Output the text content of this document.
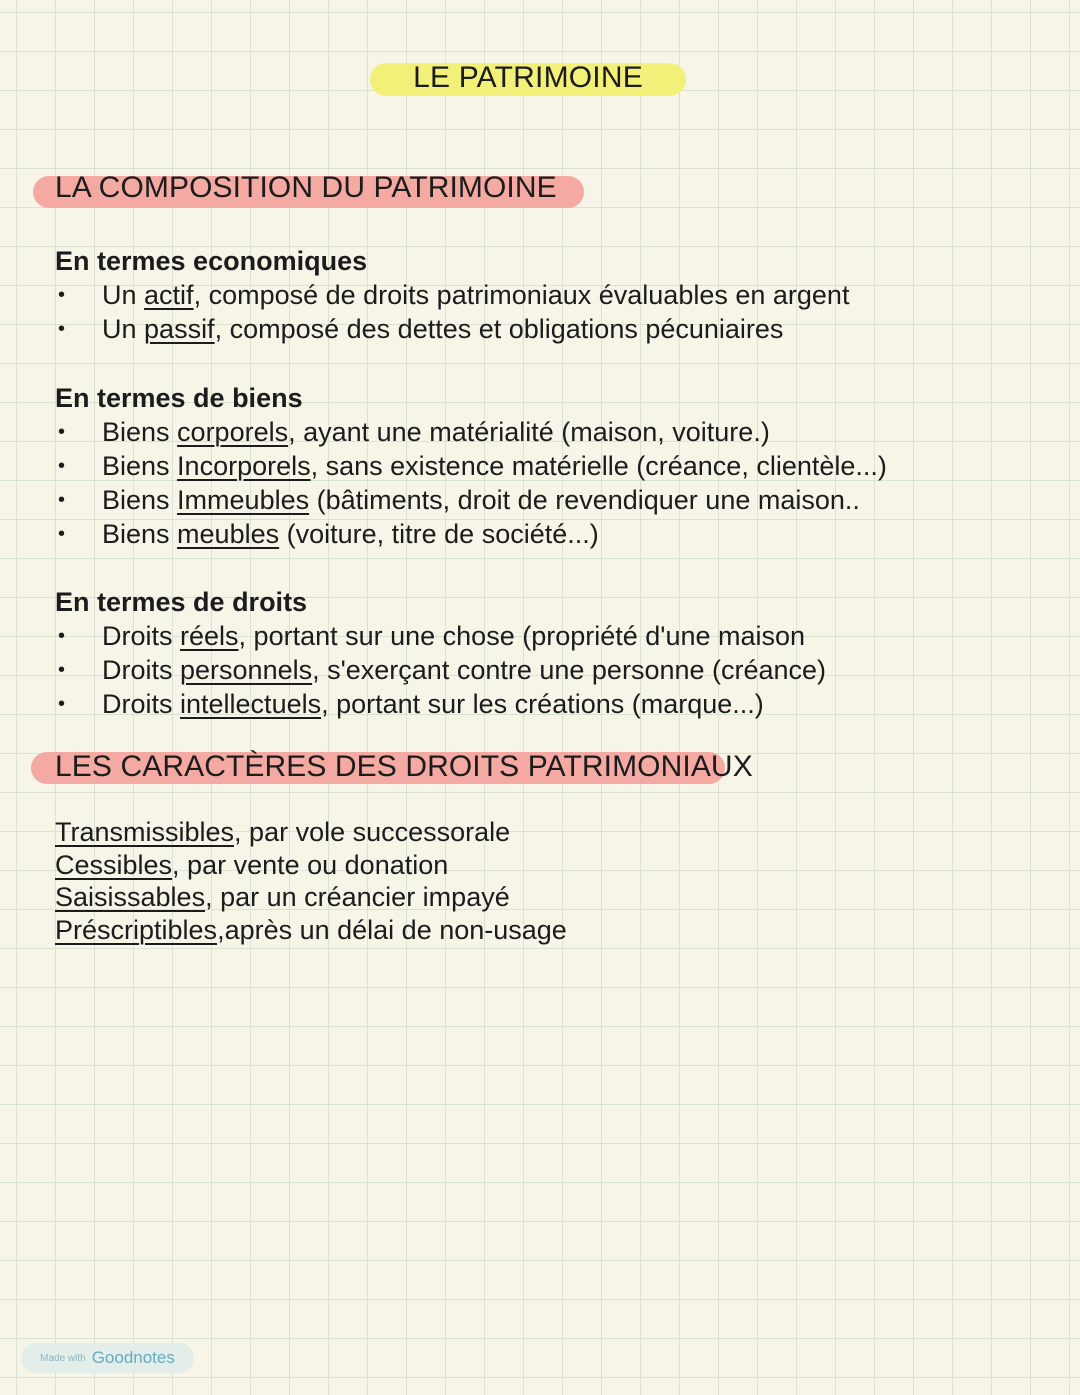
LE PATRIMOINE
LA COMPOSITION DU PATRIMOINE
En termes economiques
• Un actif, composé de droits patrimoniaux évaluables en argent
• Un passif, composé des dettes et obligations pécuniaires
En termes de biens
• Biens corporels, ayant une matérialité (maison, voiture.)
• Biens Incorporels, sans existence matérielle (créance, clientèle...)
• Biens Immeubles (bâtiments, droit de revendiquer une maison..
• Biens meubles (voiture, titre de société...)
En termes de droits
• Droits réels, portant sur une chose (propriété d'une maison
• Droits personnels, s'exerçant contre une personne (créance)
• Droits intellectuels, portant sur les créations (marque...)
LES CARACTÈRES DES DROITS PATRIMONIAUX
Transmissibles, par vole successorale
Cessibles, par vente ou donation
Saisissables, par un créancier impayé
Préscriptibles,après un délai de non-usage
Made with Goodnotes
